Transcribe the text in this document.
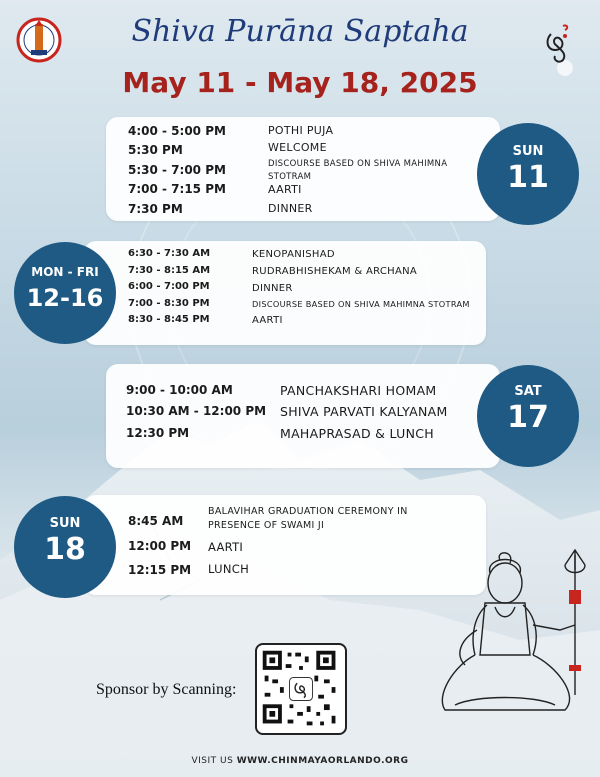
Shiva Purāna Saptaha
May 11 - May 18, 2025
4:00 - 5:00 PM	POTHI PUJA
5:30 PM	WELCOME
5:30 - 7:00 PM	DISCOURSE BASED ON SHIVA MAHIMNA
STOTRAM
7:00 - 7:15 PM	AARTI
7:30 PM	DINNER
SUN
11
6:30 - 7:30 AM	KENOPANISHAD
7:30 - 8:15 AM	RUDRABHISHEKAM & ARCHANA
6:00 - 7:00 PM	DINNER
7:00 - 8:30 PM	DISCOURSE BASED ON SHIVA MAHIMNA STOTRAM
8:30 - 8:45 PM	AARTI
MON - FRI
12-16
9:00 - 10:00 AM	PANCHAKSHARI HOMAM
10:30 AM - 12:00 PM SHIVA PARVATI KALYANAM
12:30 PM	MAHAPRASAD & LUNCH
SAT
17
8:45 AM
BALAVIHAR GRADUATION CEREMONY IN
PRESENCE OF SWAMI JI
12:00 PM AARTI
12:15 PM LUNCH
SUN
18
Sponsor by Scanning:
VISIT US WWW.CHINMAYAORLANDO.ORG
